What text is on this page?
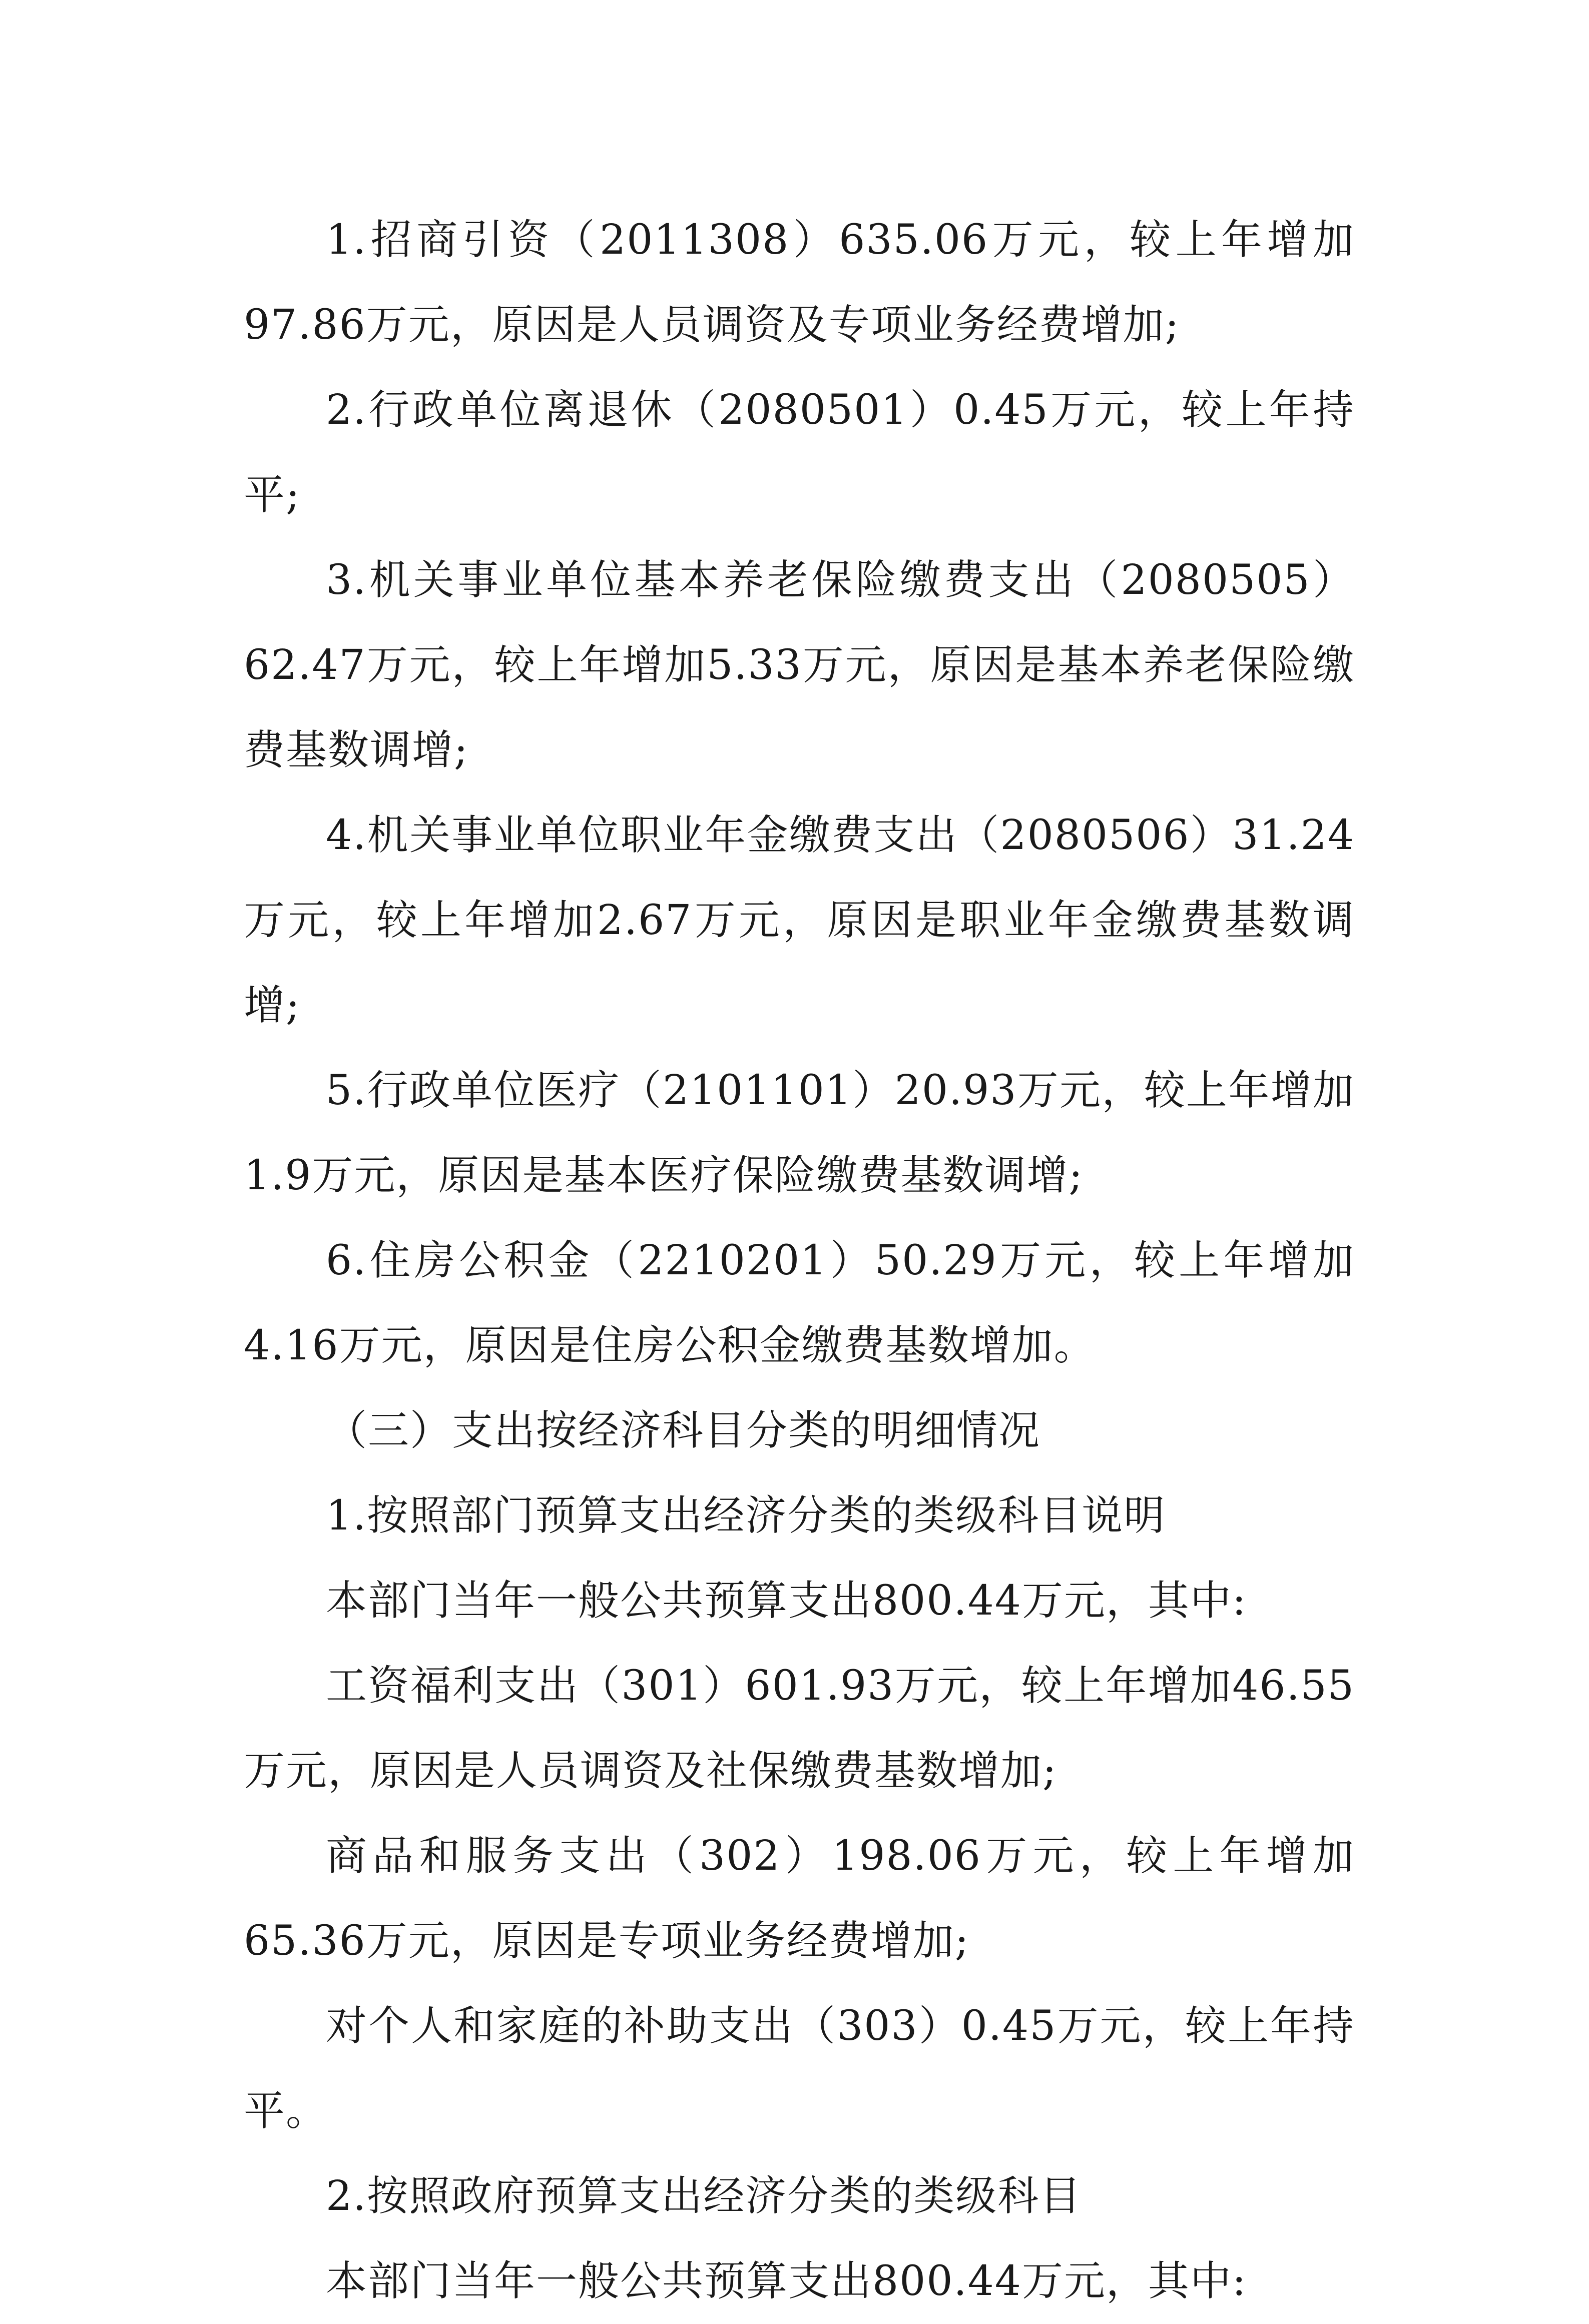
1.招商引资（2011308）635.06万元，较上年增加97.86万元，原因是人员调资及专项业务经费增加;

2.行政单位离退休（2080501）0.45万元，较上年持平;

3.机关事业单位基本养老保险缴费支出（2080505）62.47万元，较上年增加5.33万元，原因是基本养老保险缴费基数调增;

4.机关事业单位职业年金缴费支出（2080506）31.24万元，较上年增加2.67万元，原因是职业年金缴费基数调增;

5.行政单位医疗（2101101）20.93万元，较上年增加1.9万元，原因是基本医疗保险缴费基数调增;

6.住房公积金（2210201）50.29万元，较上年增加4.16万元，原因是住房公积金缴费基数增加。

（三）支出按经济科目分类的明细情况

1.按照部门预算支出经济分类的类级科目说明

本部门当年一般公共预算支出800.44万元，其中:

工资福利支出（301）601.93万元，较上年增加46.55万元，原因是人员调资及社保缴费基数增加;

商品和服务支出（302）198.06万元，较上年增加65.36万元，原因是专项业务经费增加;

对个人和家庭的补助支出（303）0.45万元，较上年持平。

2.按照政府预算支出经济分类的类级科目

本部门当年一般公共预算支出800.44万元，其中:
